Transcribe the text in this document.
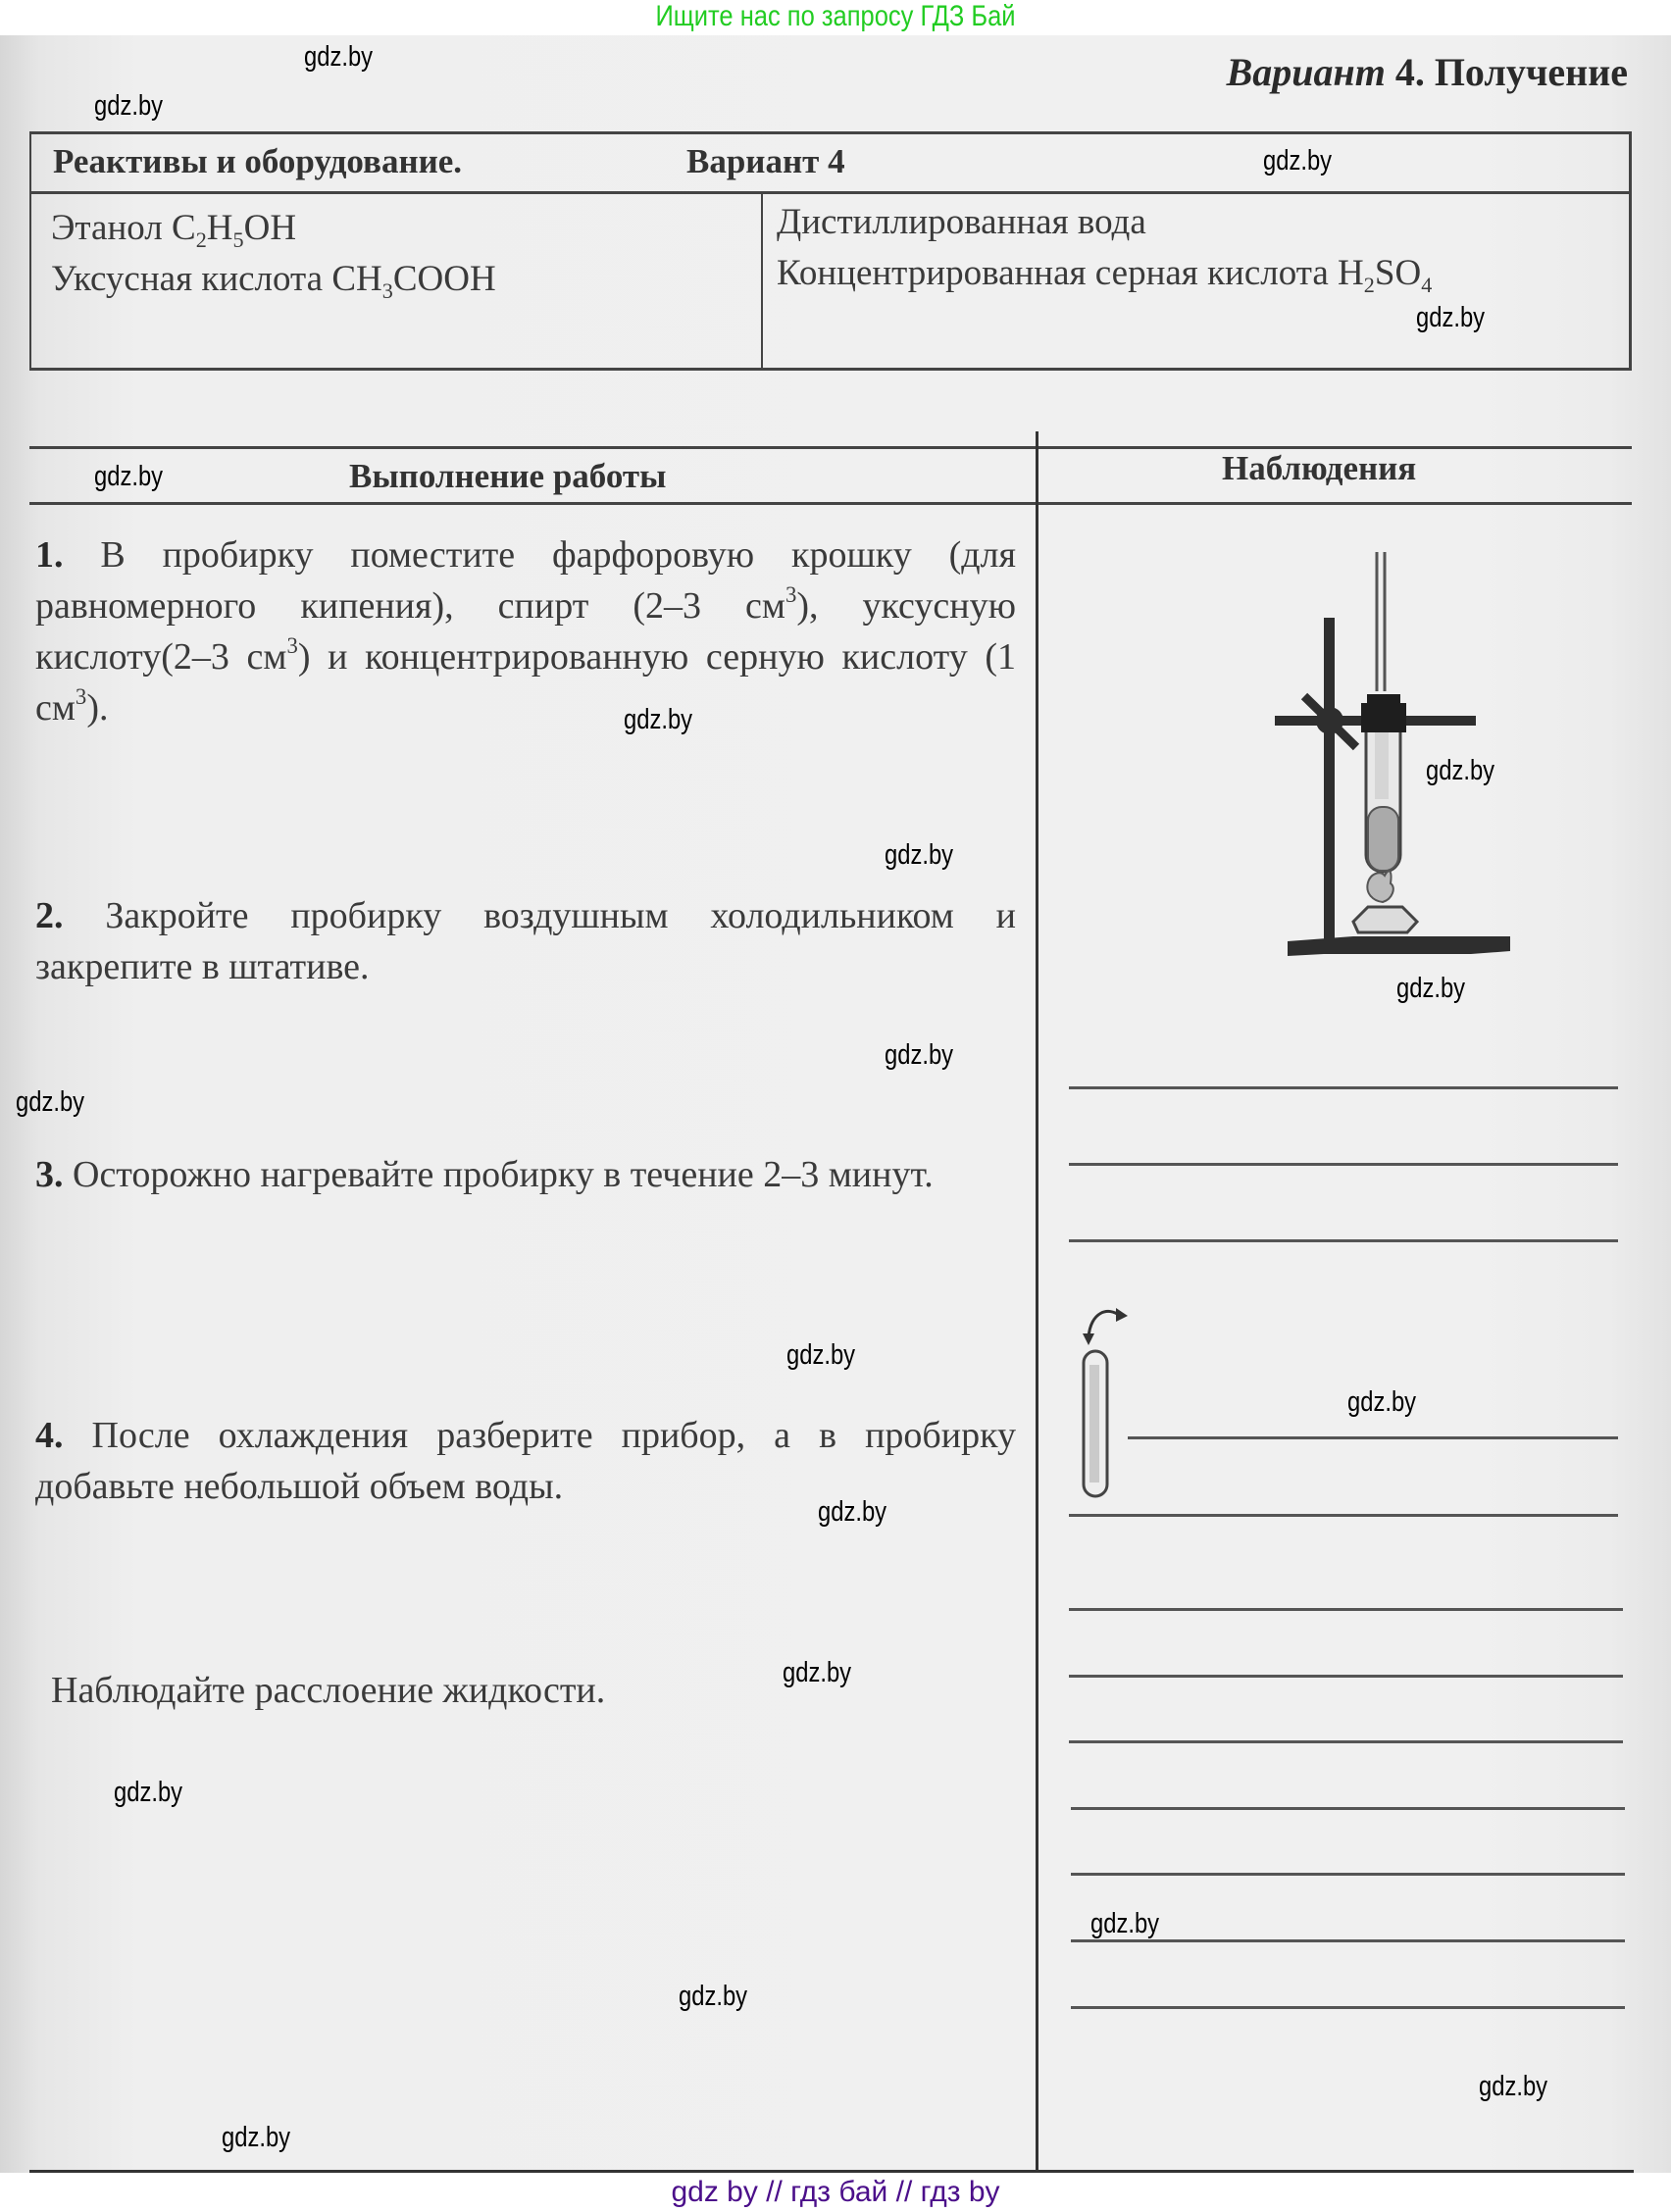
Ищите нас по запросу ГДЗ Бай
Вариант 4. Получение
Реактивы и оборудование.	Вариант 4
Этанол $C_2H_5OH$
Уксусная кислота $CH_3COOH$
Дистиллированная вода
Концентрированная серная кислота $H_2SO_4$
Выполнение работы	Наблюдения
1. В пробирку поместите фарфоровую крошку (для равномерного кипения), спирт (2–3 $см^3$), уксусную кислоту(2–3 $см^3$) и концентрированную серную кислоту (1 $см^3$).
2. Закройте пробирку воздушным холодильником и закрепите в штативе.
3. Осторожно нагревайте пробирку в течение 2–3 минут.
4. После охлаждения разберите прибор, а в пробирку добавьте небольшой объем воды.
Наблюдайте расслоение жидкости.
gdz.by
gdz.by
gdz.by
gdz.by
gdz.by
gdz.by
gdz.by
gdz.by
gdz.by
gdz.by
gdz.by
gdz.by
gdz.by
gdz.by
gdz.by
gdz.by
gdz.by
gdz.by
gdz.by
gdz.by
gdz by // гдз бай // гдз by
